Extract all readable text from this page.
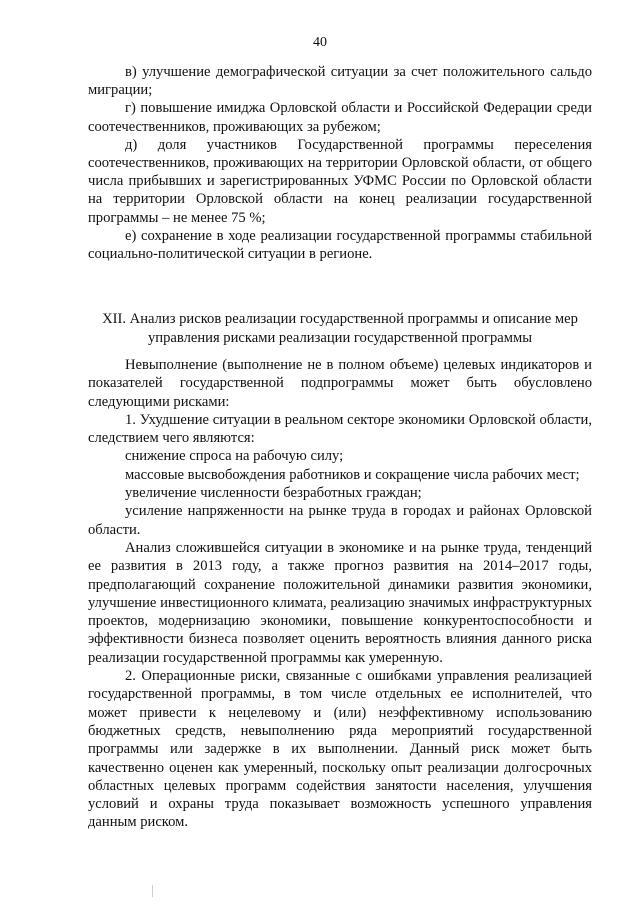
40

в) улучшение демографической ситуации за счет положительного сальдо миграции;

г) повышение имиджа Орловской области и Российской Федерации среди соотечественников, проживающих за рубежом;

д) доля участников Государственной программы переселения соотечественников, проживающих на территории Орловской области, от общего числа прибывших и зарегистрированных УФМС России по Орловской области на территории Орловской области на конец реализации государственной программы – не менее 75 %;

е) сохранение в ходе реализации государственной программы стабильной социально-политической ситуации в регионе.

XII. Анализ рисков реализации государственной программы и описание мер управления рисками реализации государственной программы

Невыполнение (выполнение не в полном объеме) целевых индикаторов и показателей государственной подпрограммы может быть обусловлено следующими рисками:

1. Ухудшение ситуации в реальном секторе экономики Орловской области, следствием чего являются:

снижение спроса на рабочую силу;

массовые высвобождения работников и сокращение числа рабочих мест;

увеличение численности безработных граждан;

усиление напряженности на рынке труда в городах и районах Орловской области.

Анализ сложившейся ситуации в экономике и на рынке труда, тенденций ее развития в 2013 году, а также прогноз развития на 2014–2017 годы, предполагающий сохранение положительной динамики развития экономики, улучшение инвестиционного климата, реализацию значимых инфраструктурных проектов, модернизацию экономики, повышение конкурентоспособности и эффективности бизнеса позволяет оценить вероятность влияния данного риска реализации государственной программы как умеренную.

2. Операционные риски, связанные с ошибками управления реализацией государственной программы, в том числе отдельных ее исполнителей, что может привести к нецелевому и (или) неэффективному использованию бюджетных средств, невыполнению ряда мероприятий государственной программы или задержке в их выполнении. Данный риск может быть качественно оценен как умеренный, поскольку опыт реализации долгосрочных областных целевых программ содействия занятости населения, улучшения условий и охраны труда показывает возможность успешного управления данным риском.
